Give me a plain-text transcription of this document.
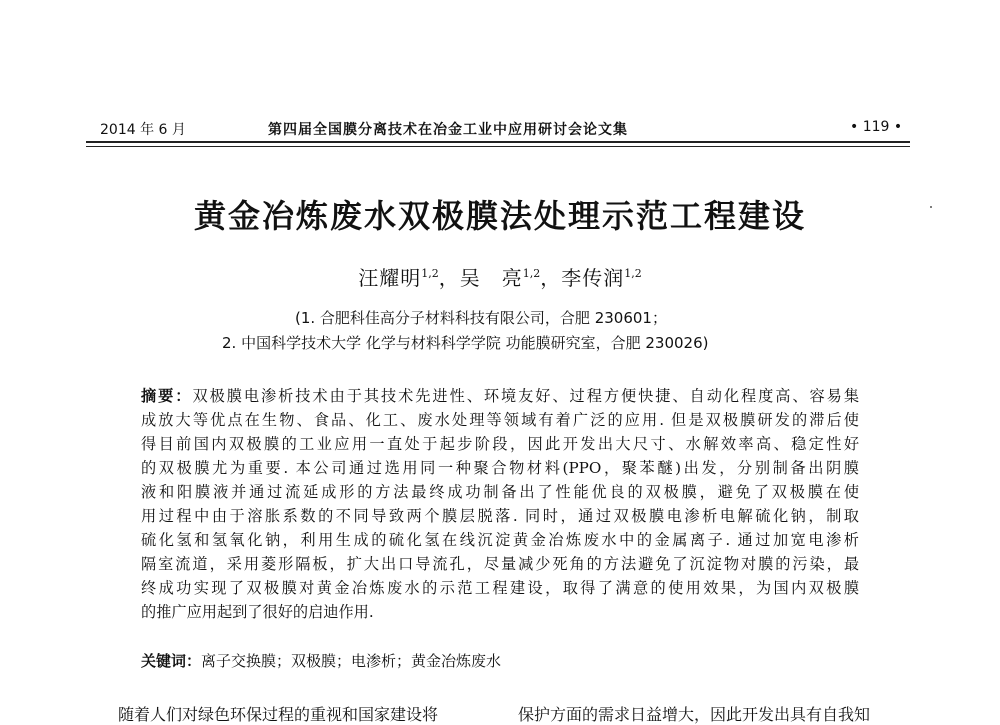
2014 年 6 月	第四届全国膜分离技术在冶金工业中应用研讨会论文集	• 119 •
黄金冶炼废水双极膜法处理示范工程建设
汪耀明$^{1,2}$，吴　亮$^{1,2}$，李传润$^{1,2}$
(1. 合肥科佳高分子材料科技有限公司，合肥 230601；
2. 中国科学技术大学 化学与材料科学学院 功能膜研究室，合肥 230026)
摘要：双极膜电渗析技术由于其技术先进性、环境友好、过程方便快捷、自动化程度高、容易集
成放大等优点在生物、食品、化工、废水处理等领域有着广泛的应用. 但是双极膜研发的滞后使
得目前国内双极膜的工业应用一直处于起步阶段，因此开发出大尺寸、水解效率高、稳定性好
的双极膜尤为重要. 本公司通过选用同一种聚合物材料(PPO，聚苯醚)出发，分别制备出阴膜
液和阳膜液并通过流延成形的方法最终成功制备出了性能优良的双极膜，避免了双极膜在使
用过程中由于溶胀系数的不同导致两个膜层脱落. 同时，通过双极膜电渗析电解硫化钠，制取
硫化氢和氢氧化钠，利用生成的硫化氢在线沉淀黄金冶炼废水中的金属离子. 通过加宽电渗析
隔室流道，采用菱形隔板，扩大出口导流孔，尽量减少死角的方法避免了沉淀物对膜的污染，最
终成功实现了双极膜对黄金冶炼废水的示范工程建设，取得了满意的使用效果，为国内双极膜
的推广应用起到了很好的启迪作用.
关键词：离子交换膜；双极膜；电渗析；黄金冶炼废水
随着人们对绿色环保过程的重视和国家建设将	保护方面的需求日益增大，因此开发出具有自我知
